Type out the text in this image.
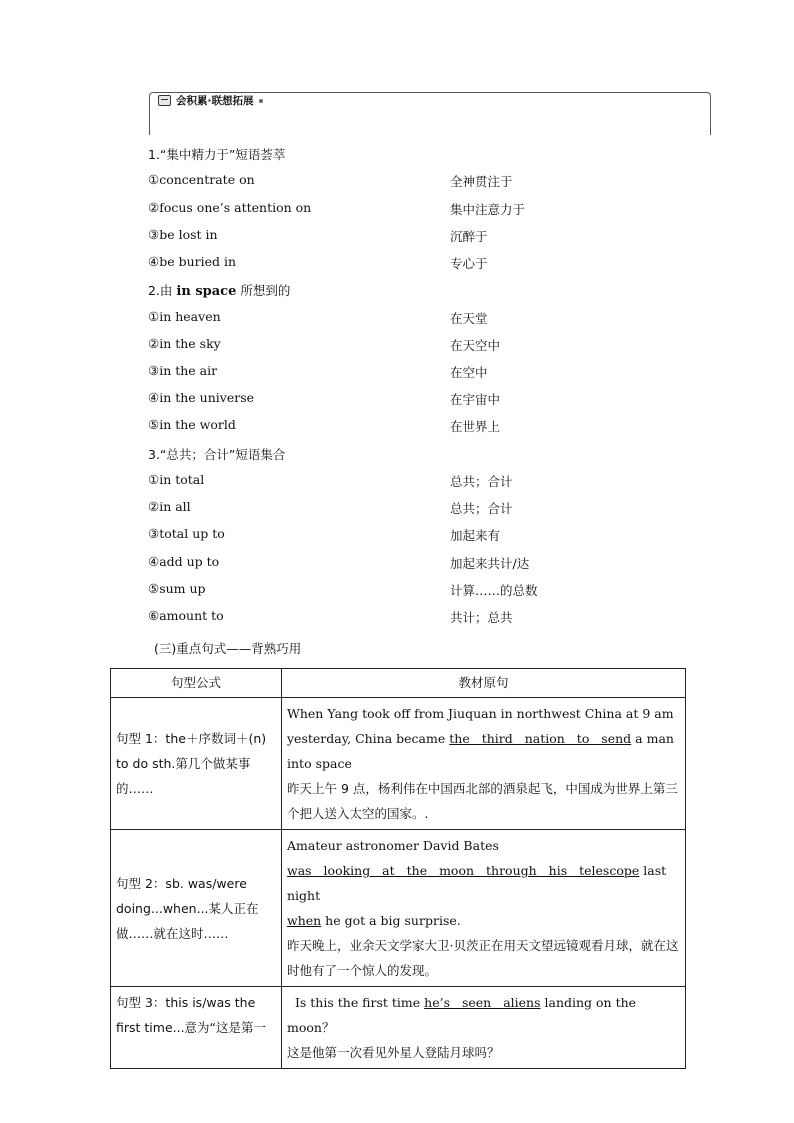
会积累·联想拓展
1.“集中精力于”短语荟萃
①concentrate on	全神贯注于
②focus one’s attention on	集中注意力于
③be lost in	沉醉于
④be buried in	专心于
2.由 in space 所想到的
①in heaven	在天堂
②in the sky	在天空中
③in the air	在空中
④in the universe	在宇宙中
⑤in the world	在世界上
3.“总共；合计”短语集合
①in total	总共；合计
②in all	总共；合计
③total up to	加起来有
④add up to	加起来共计/达
⑤sum up	计算……的总数
⑥amount to	共计；总共
(三)重点句式——背熟巧用
句型公式	教材原句
句型 1：the＋序数词＋(n) to do sth.第几个做某事的……	When Yang took off from Jiuquan in northwest China at 9 am yesterday, China became the third nation to send a man into space
昨天上午 9 点，杨利伟在中国西北部的酒泉起飞，中国成为世界上第三个把人送入太空的国家。.
句型 2：sb. was/were doing...when...某人正在做……就在这时……	Amateur astronomer David Bates
was looking at the moon through his telescope last night
when he got a big surprise.
昨天晚上，业余天文学家大卫·贝茨正在用天文望远镜观看月球，就在这时他有了一个惊人的发现。
句型 3：this is/was the first time...意为“这是第一	Is this the first time he’s seen aliens landing on the moon？
这是他第一次看见外星人登陆月球吗？
